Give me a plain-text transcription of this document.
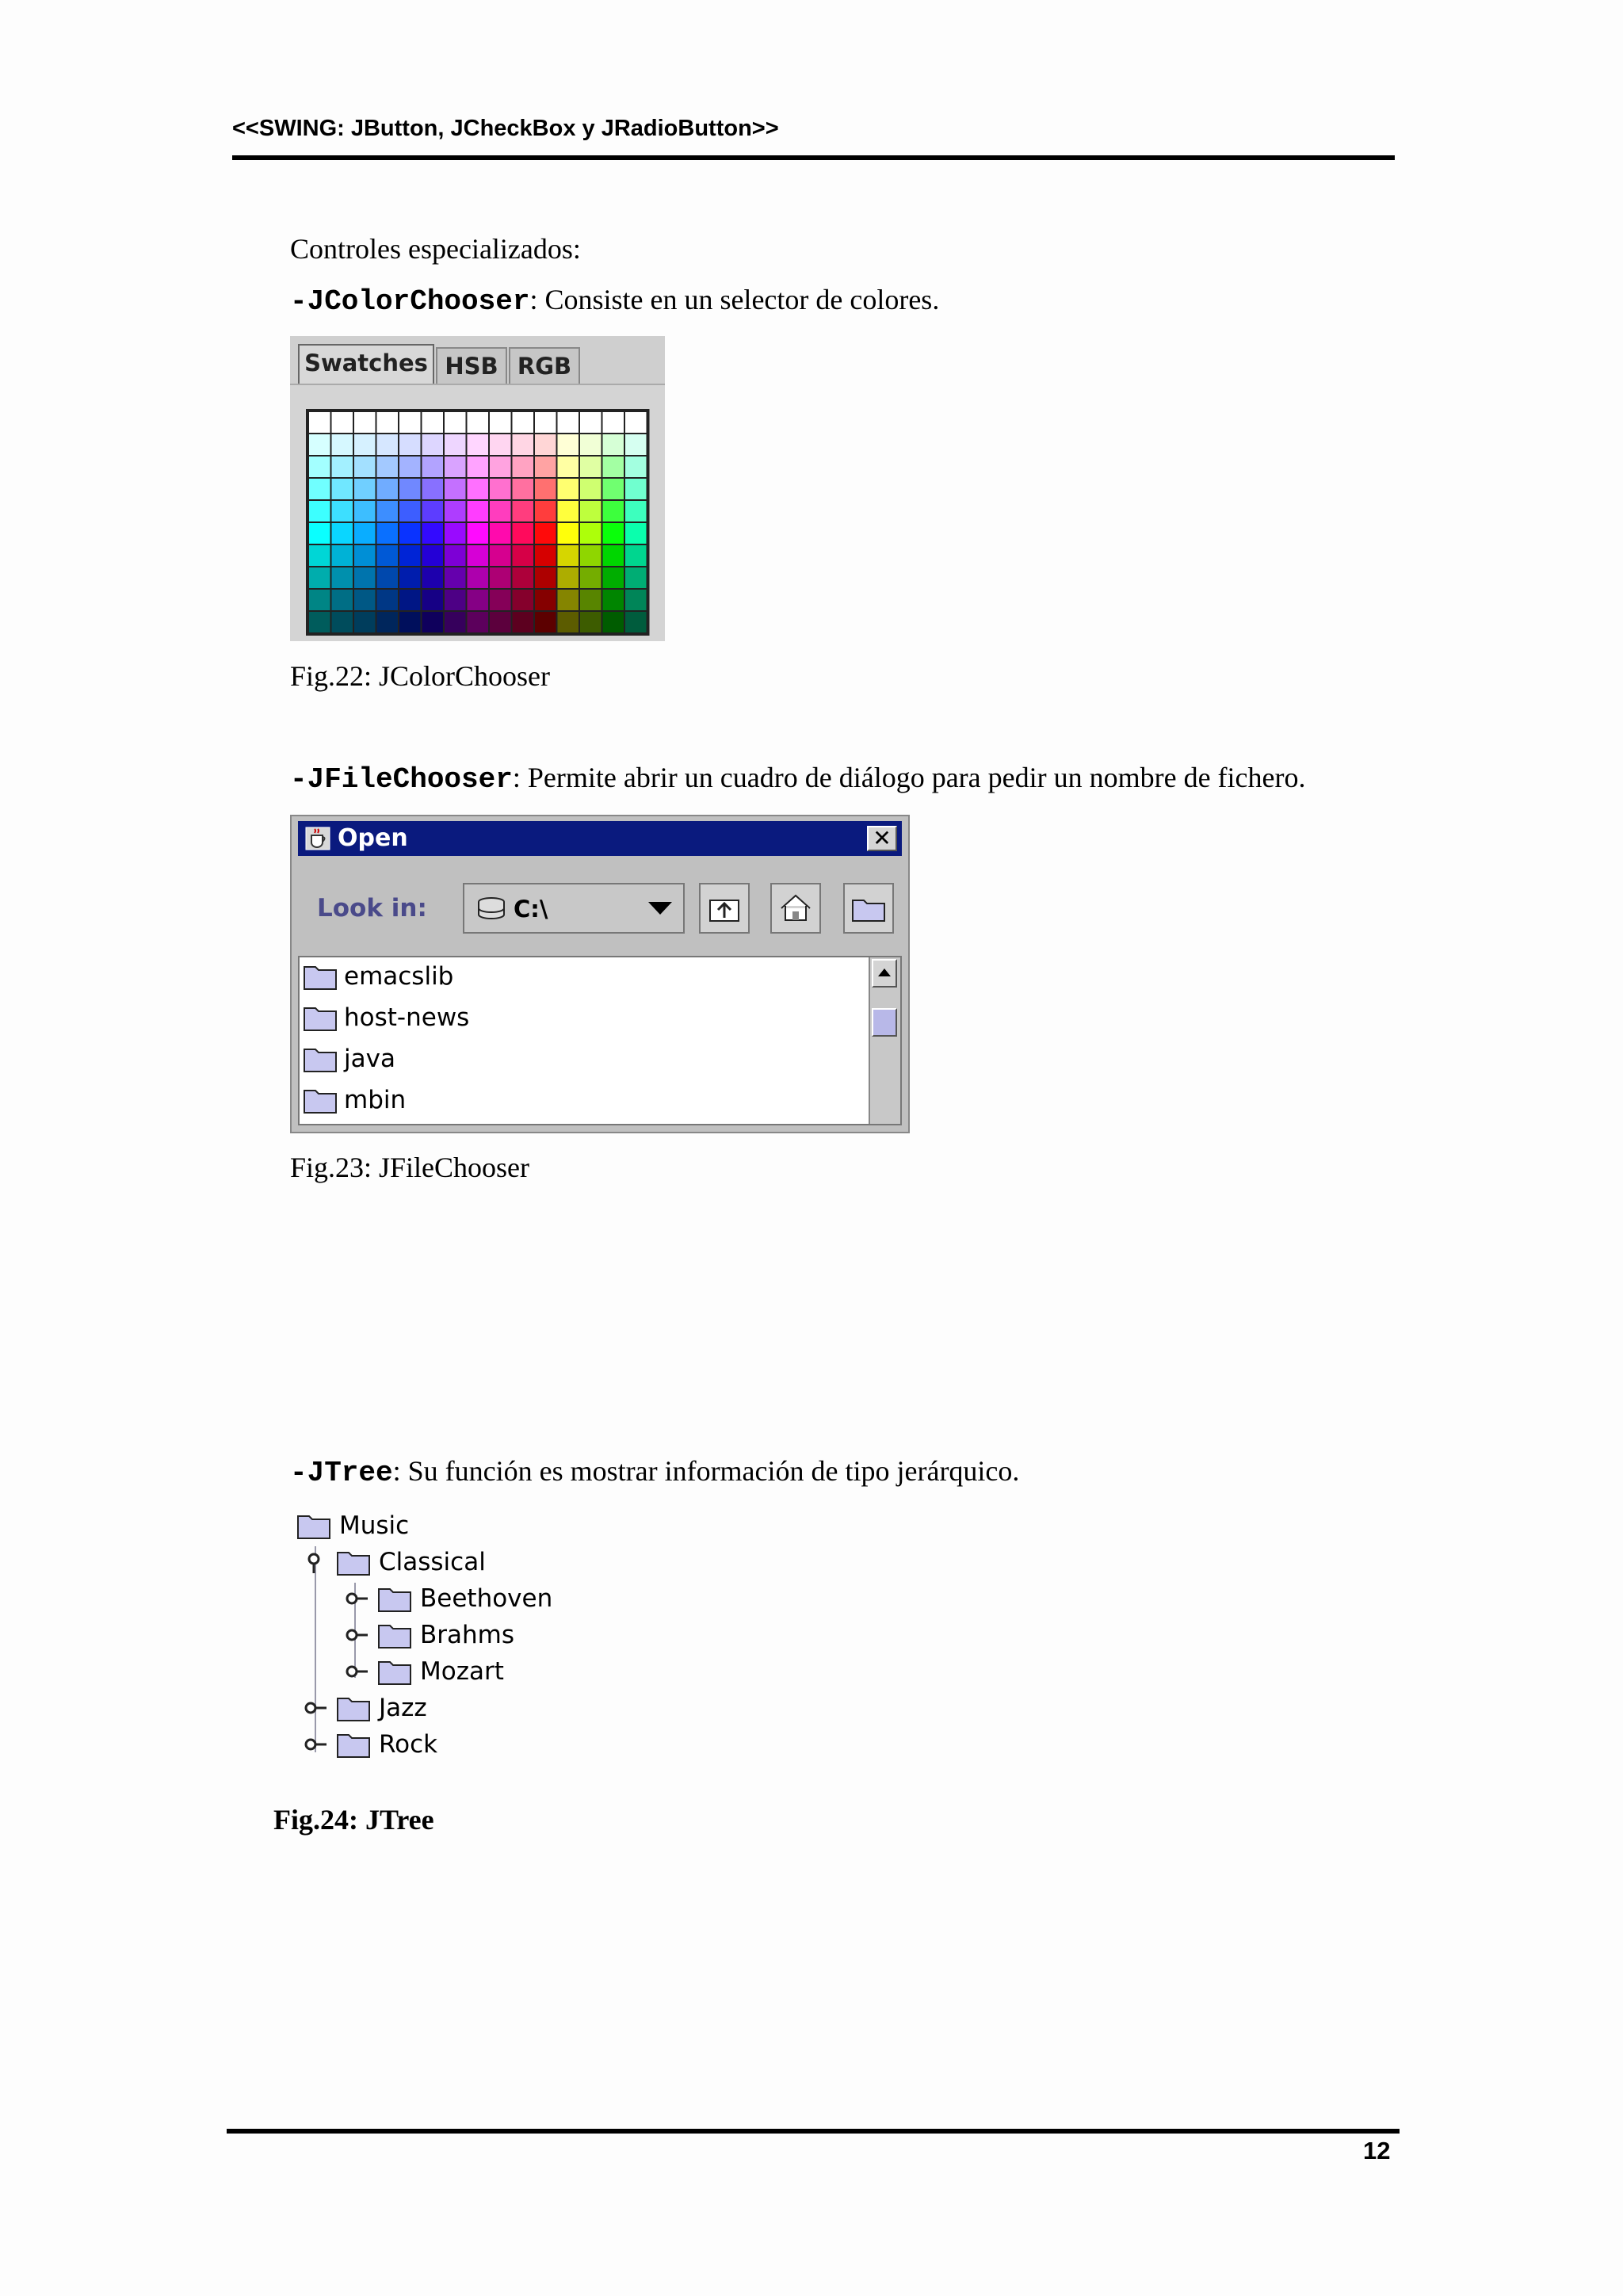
<<SWING: JButton, JCheckBox y JRadioButton>>
Controles especializados:
-JColorChooser: Consiste en un selector de colores.
Swatches HSB RGB
Fig.22: JColorChooser
-JFileChooser: Permite abrir un cuadro de diálogo para pedir un nombre de fichero.
Open	✕
Look in:	C:\
emacslib
host-news
java
mbin
Fig.23: JFileChooser
-JTree: Su función es mostrar información de tipo jerárquico.
Music
Classical
Beethoven
Brahms
Mozart
Jazz
Rock
Fig.24: JTree
12
